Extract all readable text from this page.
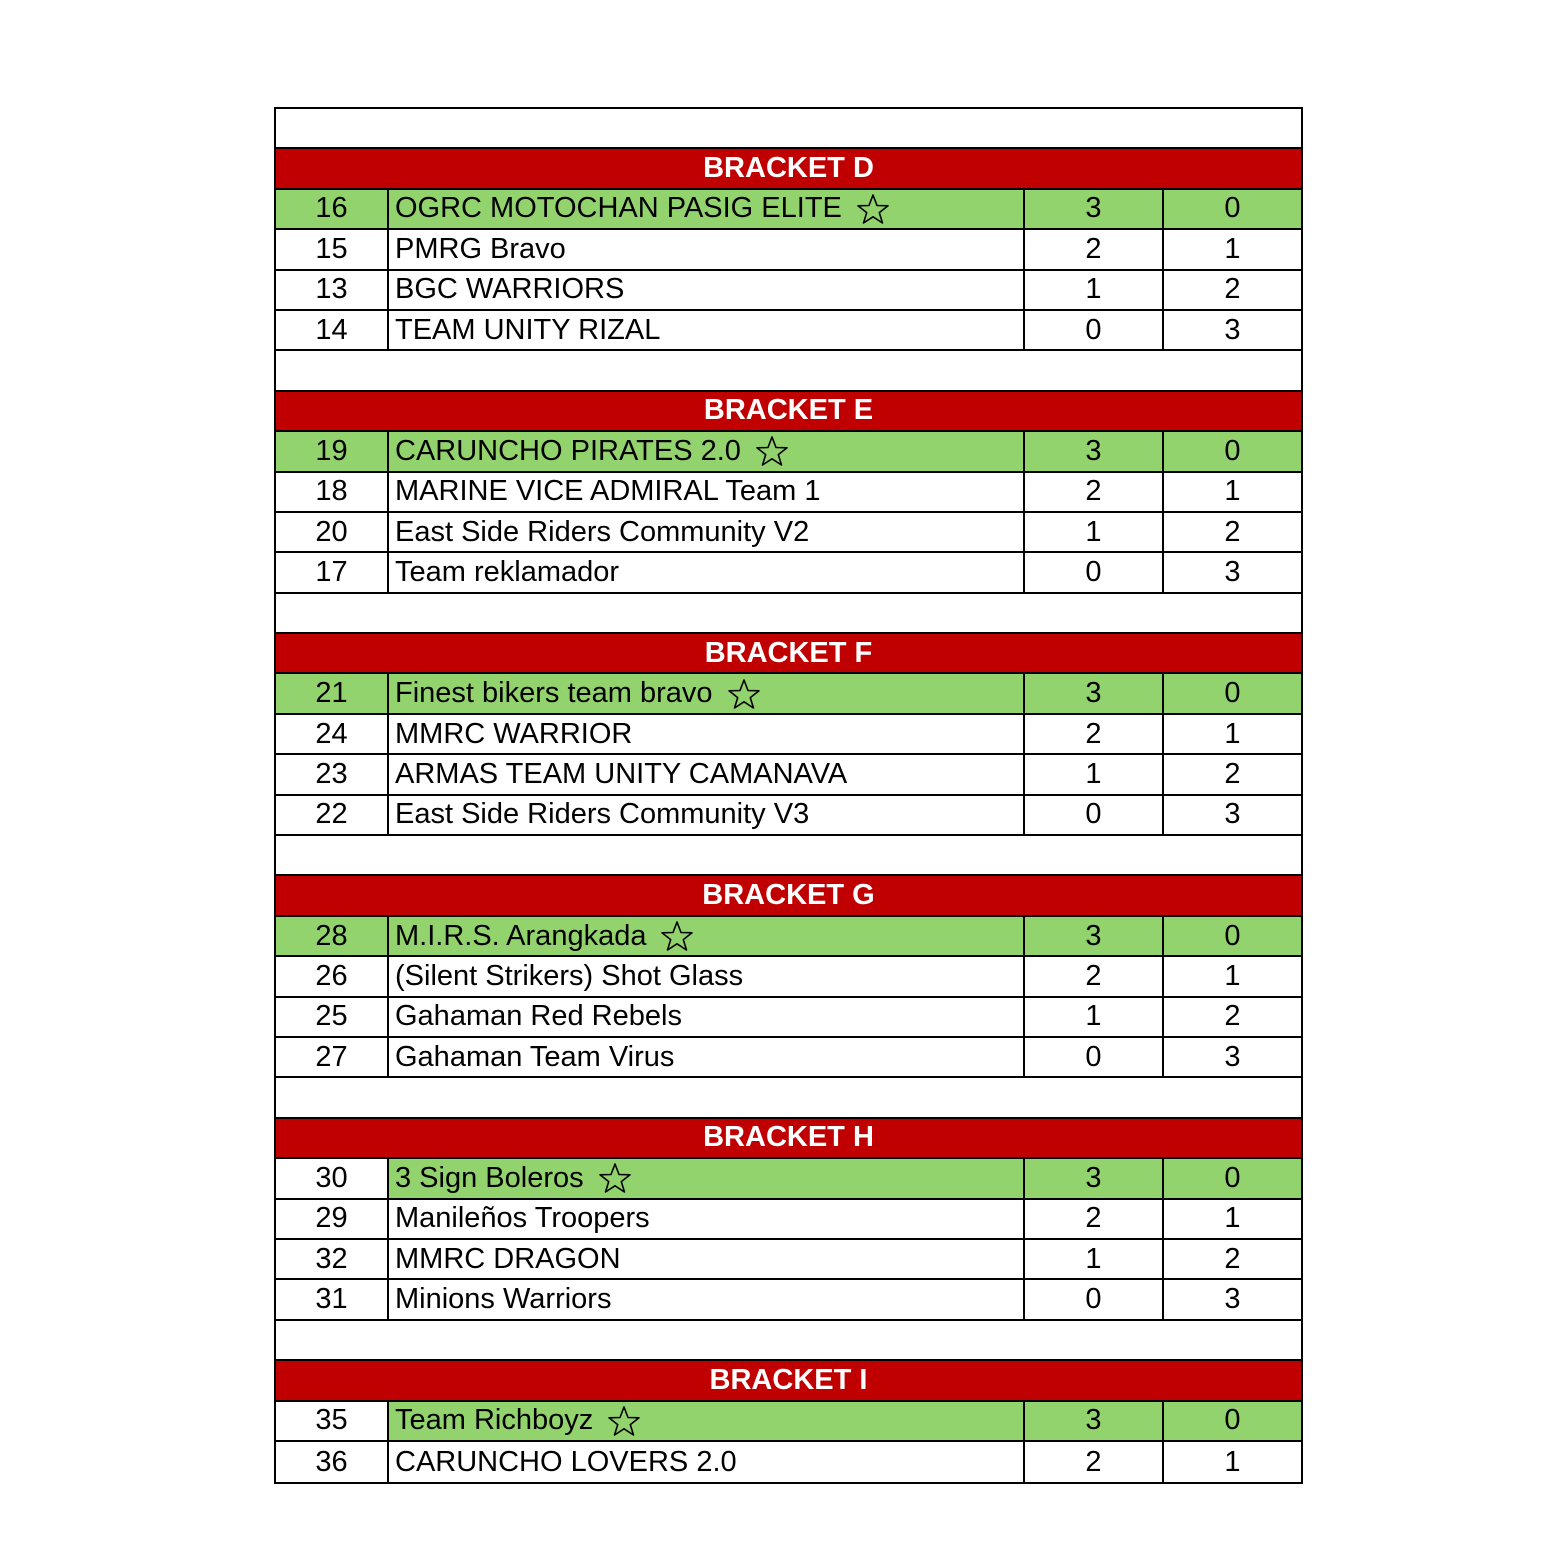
BRACKET D
16 OGRC MOTOCHAN PASIG ELITE	3	0
15 PMRG Bravo	2	1
13 BGC WARRIORS	1	2
14 TEAM UNITY RIZAL	0	3
BRACKET E
19 CARUNCHO PIRATES 2.0	3	0
18 MARINE VICE ADMIRAL Team 1	2	1
20 East Side Riders Community V2	1	2
17 Team reklamador	0	3
BRACKET F
21 Finest bikers team bravo	3	0
24 MMRC WARRIOR	2	1
23 ARMAS TEAM UNITY CAMANAVA	1	2
22 East Side Riders Community V3	0	3
BRACKET G
28 M.I.R.S. Arangkada	3	0
26 (Silent Strikers) Shot Glass	2	1
25 Gahaman Red Rebels	1	2
27 Gahaman Team Virus	0	3
BRACKET H
30 3 Sign Boleros	3	0
29 Manileños Troopers	2	1
32 MMRC DRAGON	1	2
31 Minions Warriors	0	3
BRACKET I
35 Team Richboyz	3	0
36 CARUNCHO LOVERS 2.0	2	1
